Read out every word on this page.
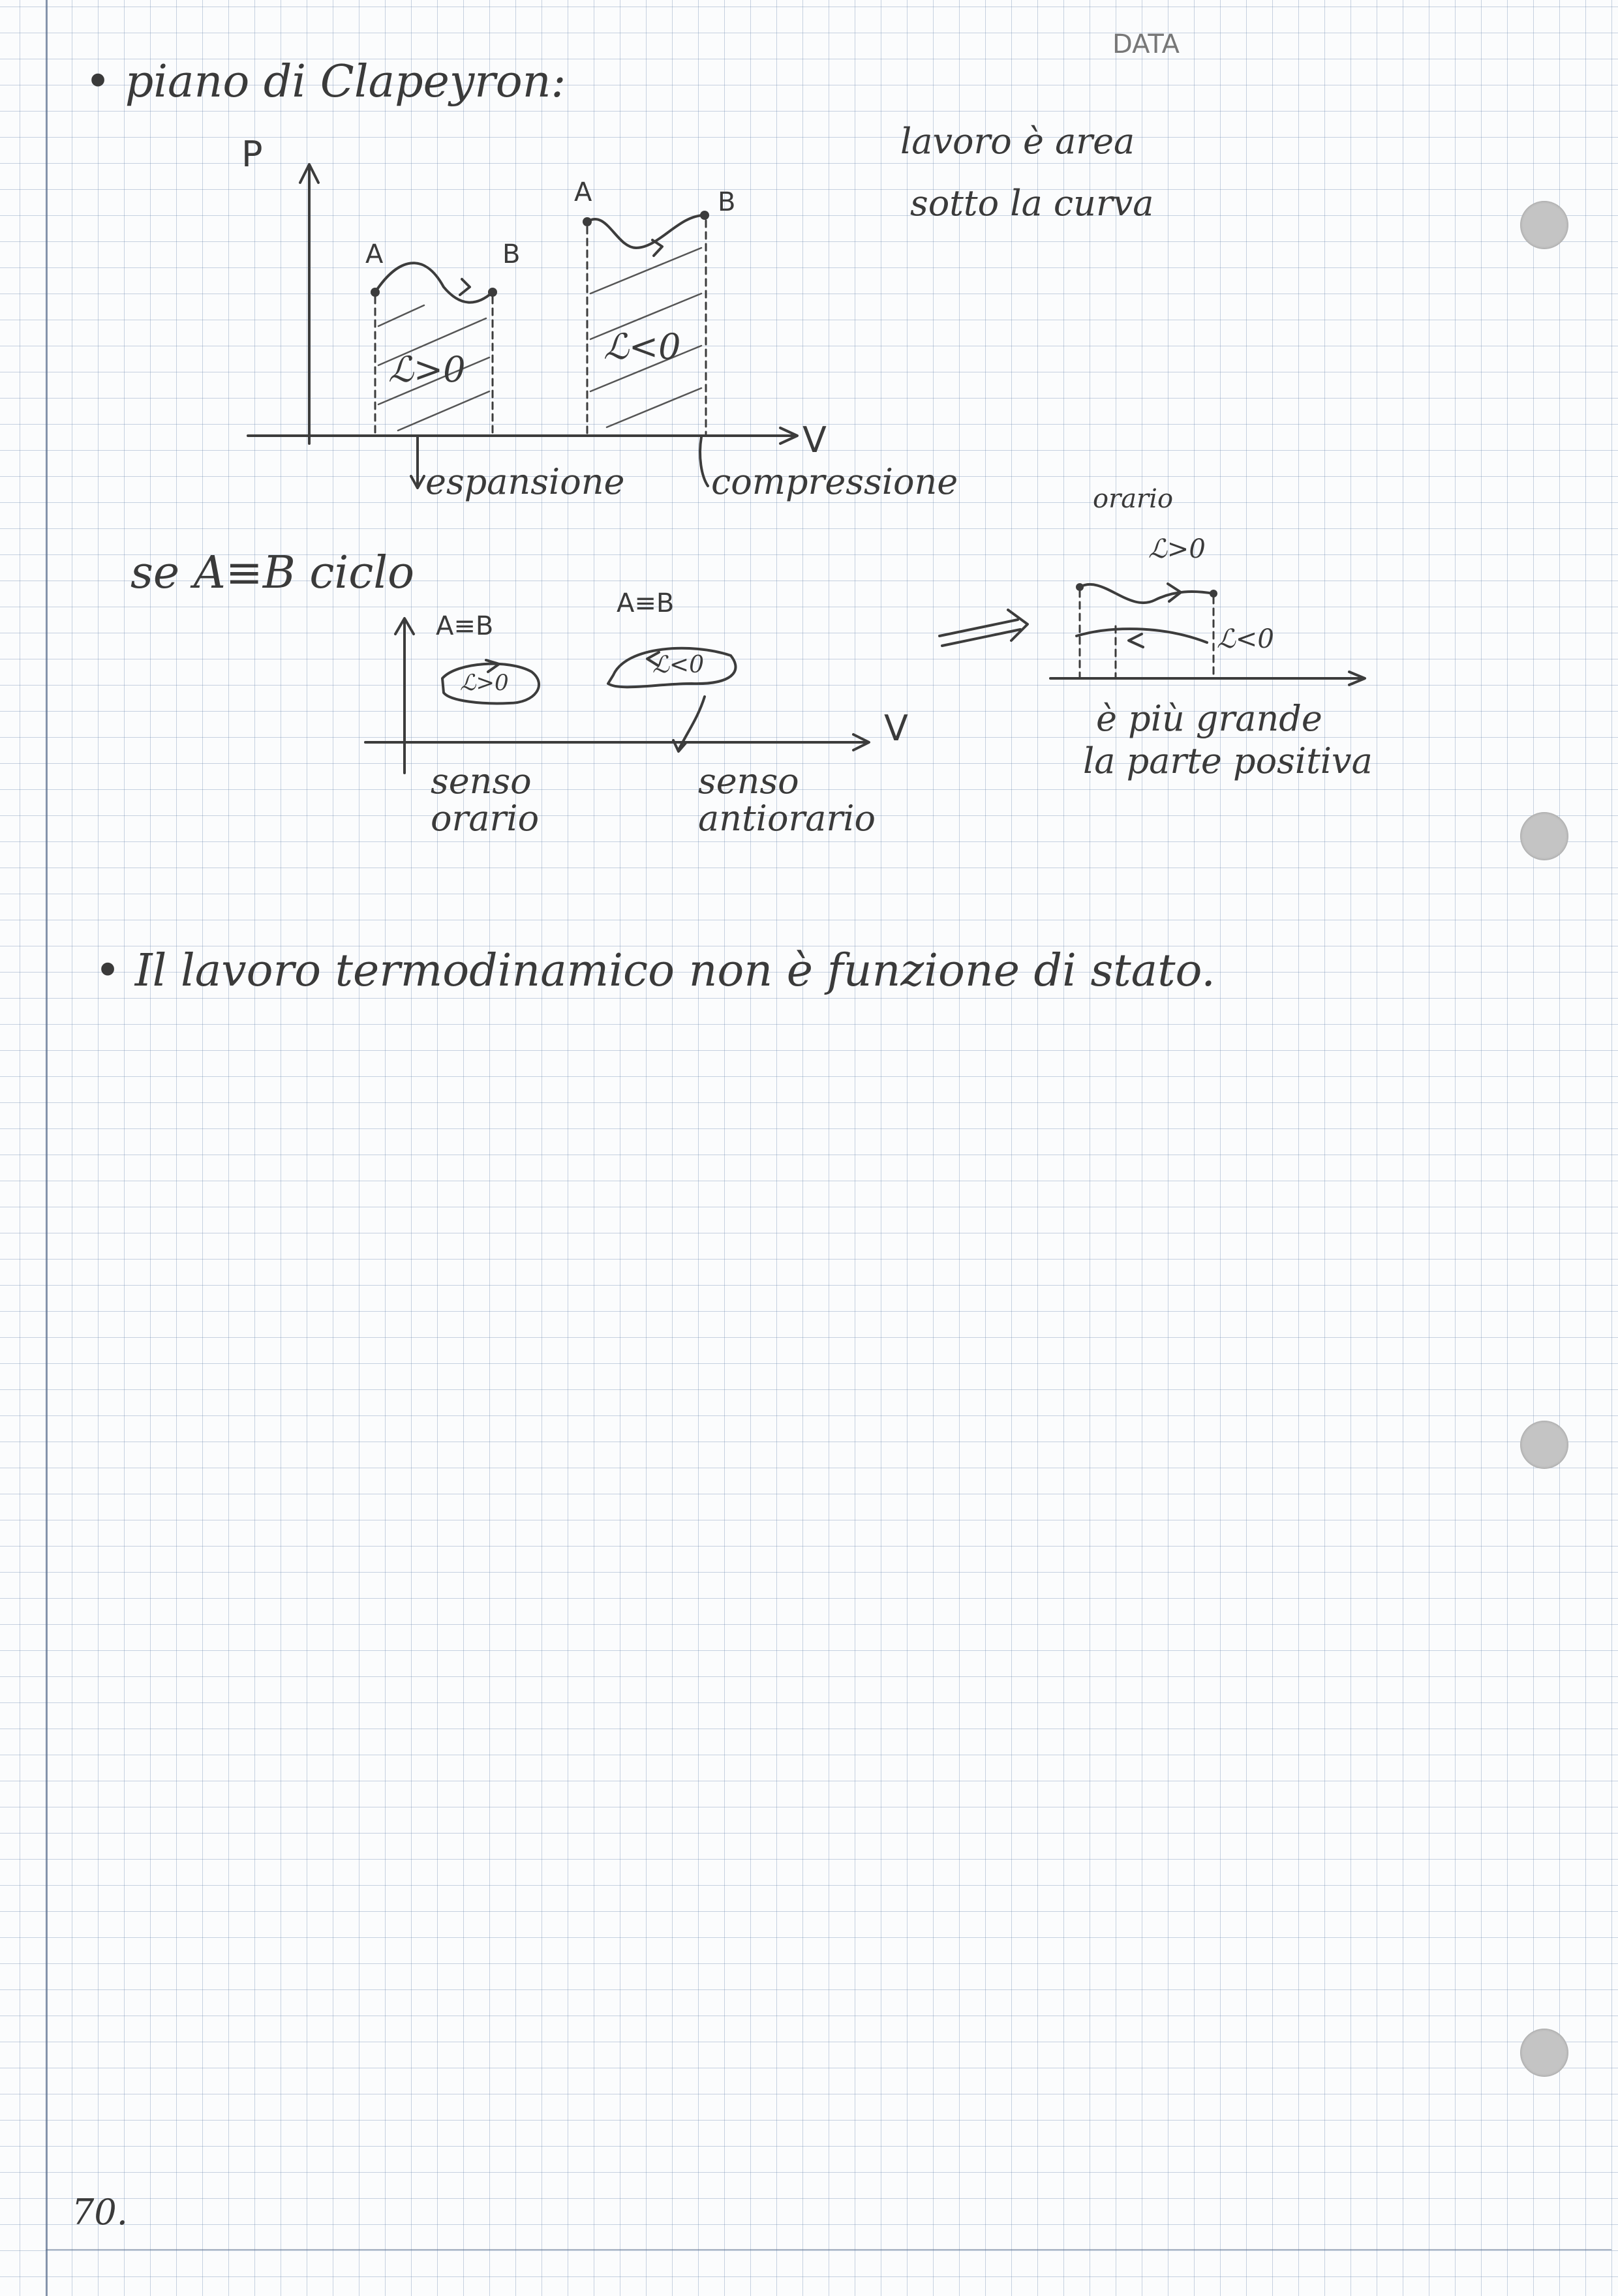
DATA
• piano di Clapeyron:
lavoro è area
sotto la curva
P
V
A	B
A	B
ℒ>0
ℒ<0
espansione compressione
se A≡B ciclo
A≡B
ℒ>0
A≡B
ℒ<0
V
senso orario
senso antiorario
orario
ℒ>0
ℒ<0
è più grande
la parte positiva
• Il lavoro termodinamico non è funzione di stato.
70.
